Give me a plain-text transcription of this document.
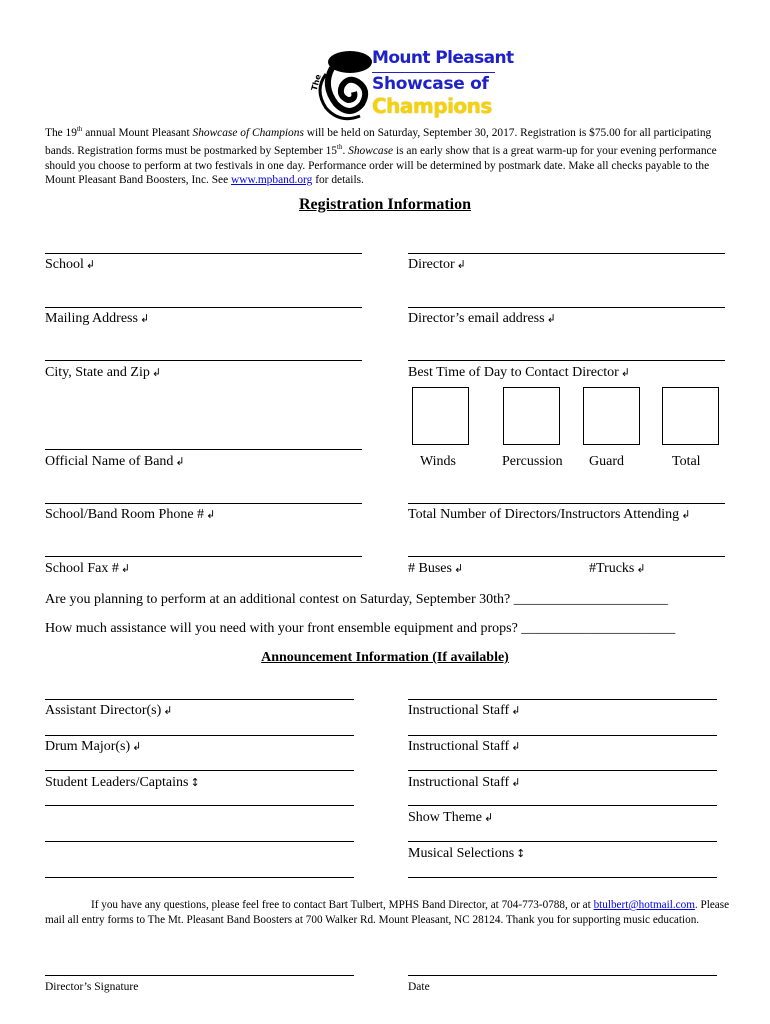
The
Mount Pleasant
Showcase of
Champions
The 19th annual Mount Pleasant Showcase of Champions will be held on Saturday, September 30, 2017. Registration is $75.00 for all participating bands. Registration forms must be postmarked by September 15th. Showcase is an early show that is a great warm-up for your evening performance should you choose to perform at two festivals in one day. Performance order will be determined by postmark date. Make all checks payable to the Mount Pleasant Band Boosters, Inc. See www.mpband.org for details.
Registration Information
School ↲
Mailing Address ↲
City, State and Zip ↲
Official Name of Band ↲
School/Band Room Phone # ↲
School Fax # ↲
Director ↲
Director’s email address ↲
Best Time of Day to Contact Director ↲
Winds	Percussion Guard	Total
Total Number of Directors/Instructors Attending ↲
# Buses ↲	#Trucks ↲
Are you planning to perform at an additional contest on Saturday, September 30th? ______________________
How much assistance will you need with your front ensemble equipment and props? ______________________
Announcement Information (If available)
Assistant Director(s) ↲
Drum Major(s) ↲
Student Leaders/Captains ↕
Instructional Staff ↲
Instructional Staff ↲
Instructional Staff ↲
Show Theme ↲
Musical Selections ↕
If you have any questions, please feel free to contact Bart Tulbert, MPHS Band Director, at 704-773-0788, or at btulbert@hotmail.com. Please mail all entry forms to The Mt. Pleasant Band Boosters at 700 Walker Rd. Mount Pleasant, NC 28124. Thank you for supporting music education.
Director’s Signature	Date
